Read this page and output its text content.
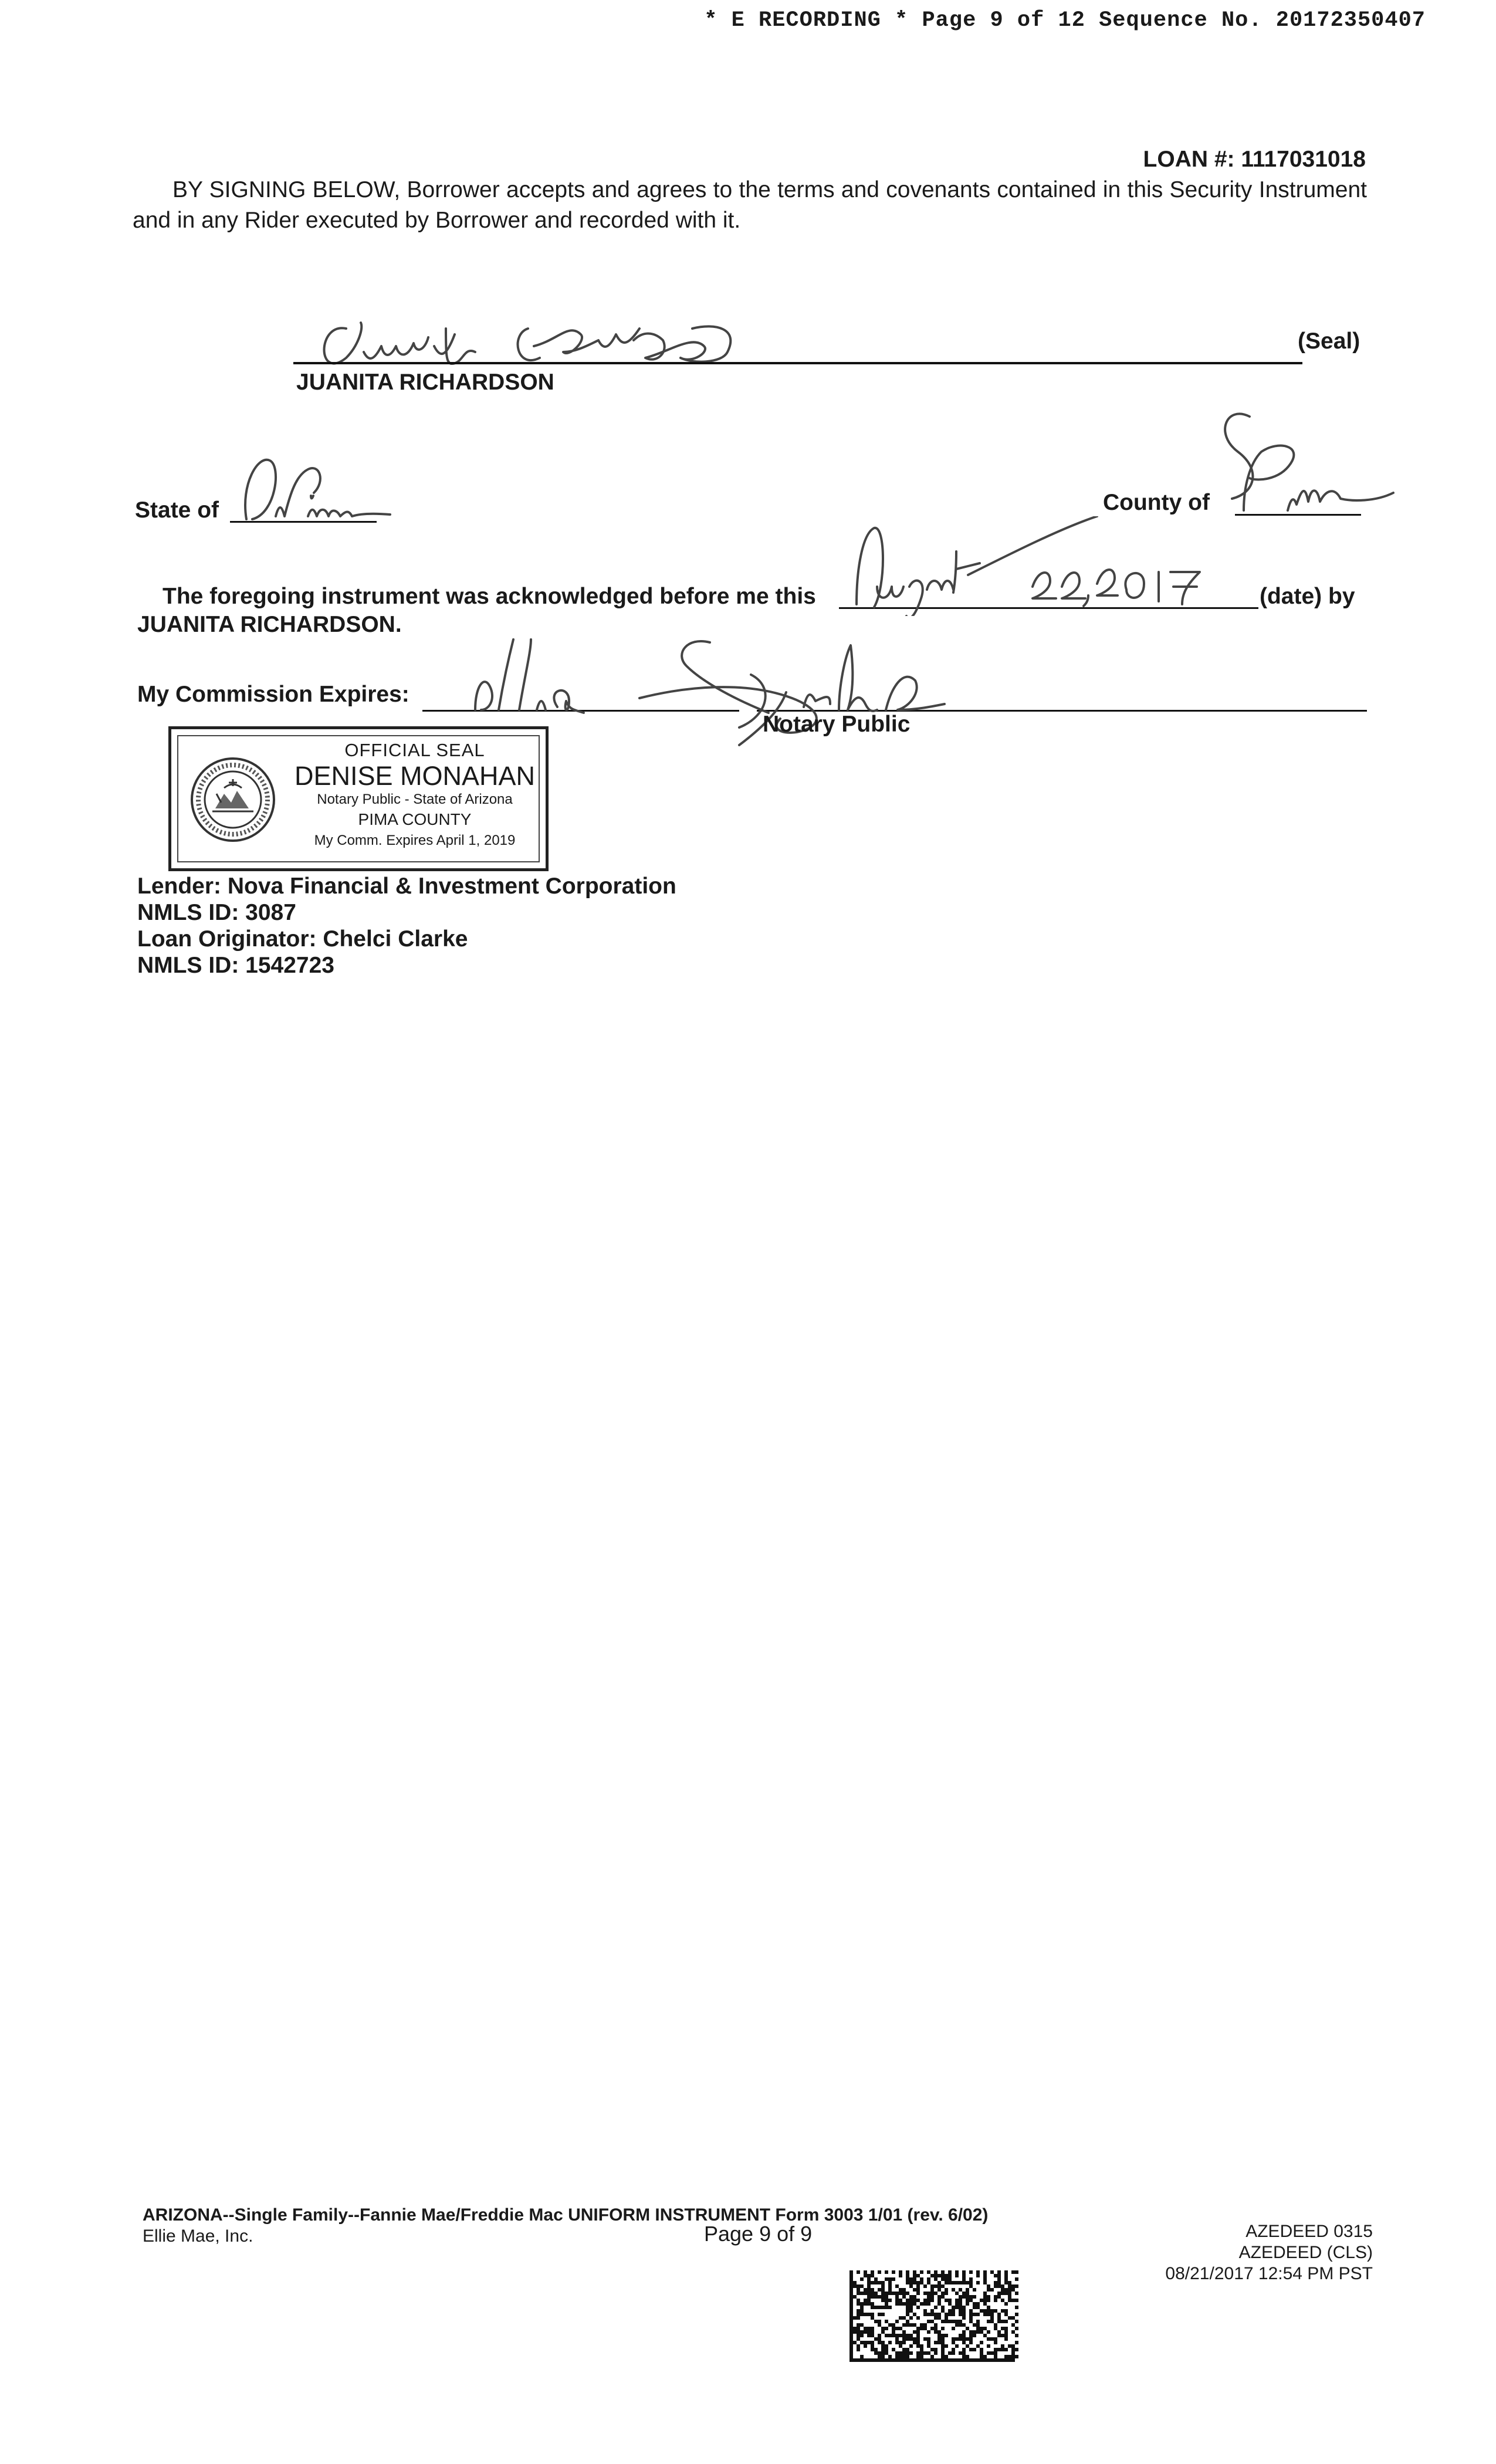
* E RECORDING * Page 9 of 12 Sequence No. 20172350407
LOAN #: 1117031018
BY SIGNING BELOW, Borrower accepts and agrees to the terms and covenants contained in this Security Instrument and in any Rider executed by Borrower and recorded with it.
(Seal)
JUANITA RICHARDSON
State of	County of
The foregoing instrument was acknowledged before me this	(date) by
JUANITA RICHARDSON.
My Commission Expires:
Notary Public
OFFICIAL SEAL
DENISE MONAHAN
Notary Public - State of Arizona
PIMA COUNTY
My Comm. Expires April 1, 2019
Lender: Nova Financial & Investment Corporation
NMLS ID: 3087
Loan Originator: Chelci Clarke
NMLS ID: 1542723
ARIZONA--Single Family--Fannie Mae/Freddie Mac UNIFORM INSTRUMENT Form 3003 1/01 (rev. 6/02)
Ellie Mae, Inc.	Page 9 of 9	AZEDEED 0315
AZEDEED (CLS)
08/21/2017 12:54 PM PST
